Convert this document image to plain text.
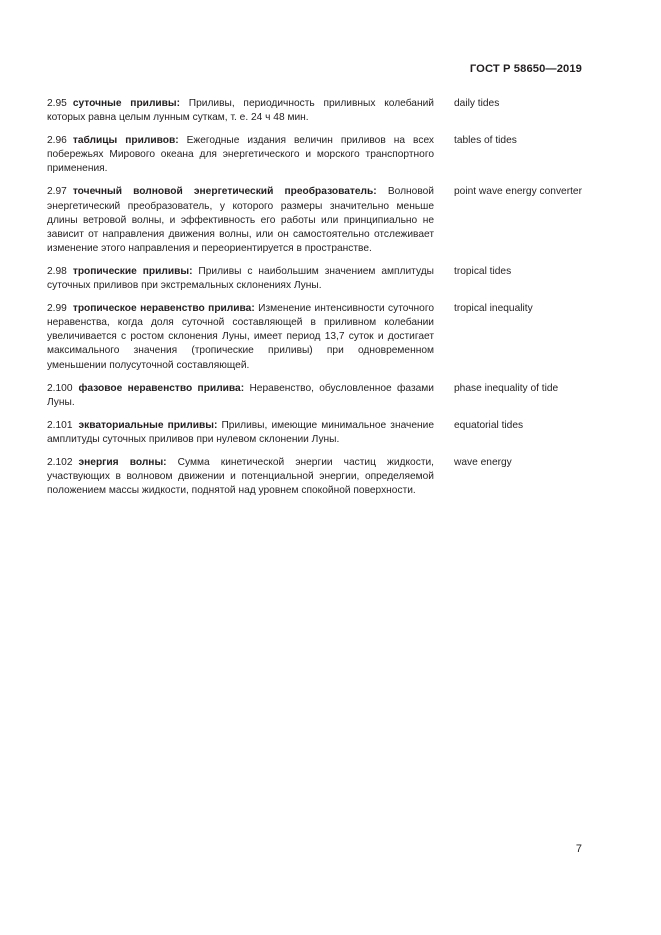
ГОСТ Р 58650—2019
2.95 суточные приливы: Приливы, периодичность приливных колебаний которых равна целым лунным суткам, т. е. 24 ч 48 мин.
daily tides
2.96 таблицы приливов: Ежегодные издания величин приливов на всех побережьях Мирового океана для энергетического и морского транспортного применения.
tables of tides
2.97 точечный волновой энергетический преобразователь: Волновой энергетический преобразователь, у которого размеры значительно меньше длины ветровой волны, и эффективность его работы или принципиально не зависит от направления движения волны, или он самостоятельно отслеживает изменение этого направления и переориентируется в пространстве.
point wave energy converter
2.98 тропические приливы: Приливы с наибольшим значением амплитуды суточных приливов при экстремальных склонениях Луны.
tropical tides
2.99 тропическое неравенство прилива: Изменение интенсивности суточного неравенства, когда доля суточной составляющей в приливном колебании увеличивается с ростом склонения Луны, имеет период 13,7 суток и достигает максимального значения (тропические приливы) при одновременном уменьшении полусуточной составляющей.
tropical inequality
2.100 фазовое неравенство прилива: Неравенство, обусловленное фазами Луны.
phase inequality of tide
2.101 экваториальные приливы: Приливы, имеющие минимальное значение амплитуды суточных приливов при нулевом склонении Луны.
equatorial tides
2.102 энергия волны: Сумма кинетической энергии частиц жидкости, участвующих в волновом движении и потенциальной энергии, определяемой положением массы жидкости, поднятой над уровнем спокойной поверхности.
wave energy
7
